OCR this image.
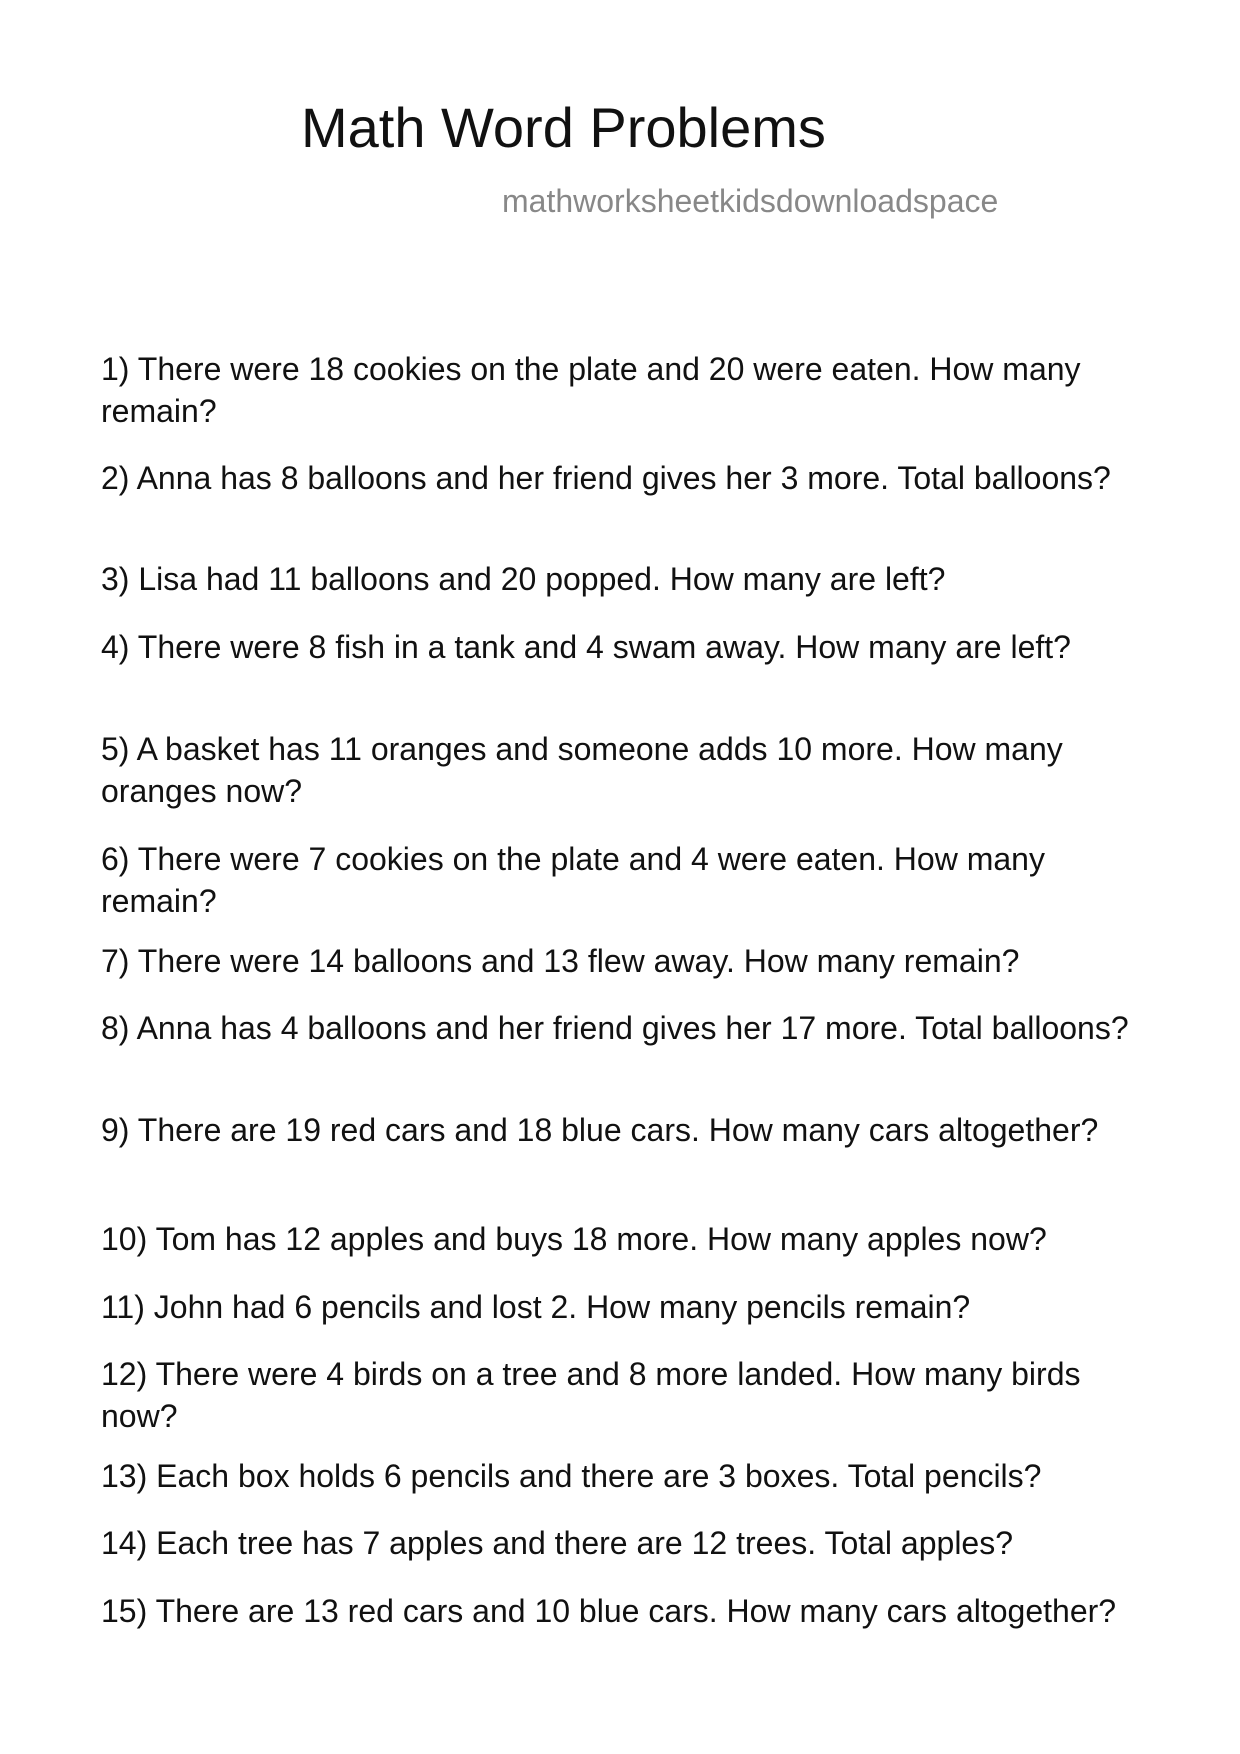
Math Word Problems
mathworksheetkidsdownloadspace

1) There were 18 cookies on the plate and 20 were eaten. How many remain?

2) Anna has 8 balloons and her friend gives her 3 more. Total balloons?

3) Lisa had 11 balloons and 20 popped. How many are left?

4) There were 8 fish in a tank and 4 swam away. How many are left?

5) A basket has 11 oranges and someone adds 10 more. How many oranges now?

6) There were 7 cookies on the plate and 4 were eaten. How many remain?

7) There were 14 balloons and 13 flew away. How many remain?

8) Anna has 4 balloons and her friend gives her 17 more. Total balloons?

9) There are 19 red cars and 18 blue cars. How many cars altogether?

10) Tom has 12 apples and buys 18 more. How many apples now?

11) John had 6 pencils and lost 2. How many pencils remain?

12) There were 4 birds on a tree and 8 more landed. How many birds now?

13) Each box holds 6 pencils and there are 3 boxes. Total pencils?

14) Each tree has 7 apples and there are 12 trees. Total apples?

15) There are 13 red cars and 10 blue cars. How many cars altogether?
